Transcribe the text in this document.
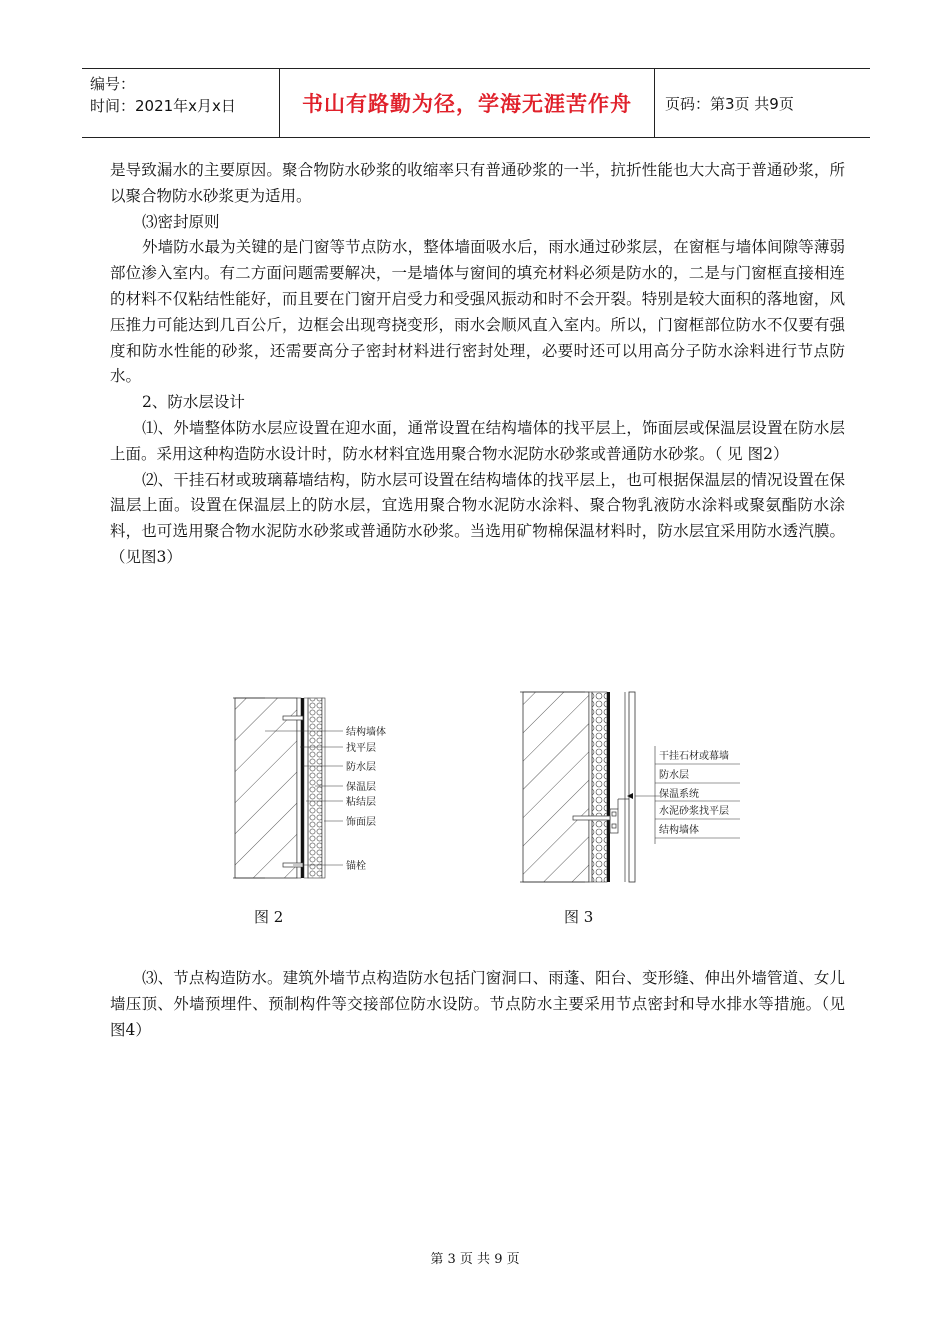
编号：
时间：2021年x月x日	书山有路勤为径，学海无涯苦作舟	页码：第3页 共9页

是导致漏水的主要原因。聚合物防水砂浆的收缩率只有普通砂浆的一半，抗折性能也大大高于普通砂浆，所以聚合物防水砂浆更为适用。

⑶密封原则

外墙防水最为关键的是门窗等节点防水，整体墙面吸水后，雨水通过砂浆层，在窗框与墙体间隙等薄弱部位渗入室内。有二方面问题需要解决，一是墙体与窗间的填充材料必须是防水的，二是与门窗框直接相连的材料不仅粘结性能好，而且要在门窗开启受力和受强风振动和时不会开裂。特别是较大面积的落地窗，风压推力可能达到几百公斤，边框会出现弯挠变形，雨水会顺风直入室内。所以，门窗框部位防水不仅要有强度和防水性能的砂浆，还需要高分子密封材料进行密封处理，必要时还可以用高分子防水涂料进行节点防水。

2、防水层设计

⑴、外墙整体防水层应设置在迎水面，通常设置在结构墙体的找平层上，饰面层或保温层设置在防水层上面。采用这种构造防水设计时，防水材料宜选用聚合物水泥防水砂浆或普通防水砂浆。（ 见 图2）

⑵、干挂石材或玻璃幕墙结构，防水层可设置在结构墙体的找平层上，也可根据保温层的情况设置在保温层上面。设置在保温层上的防水层，宜选用聚合物水泥防水涂料、聚合物乳液防水涂料或聚氨酯防水涂料，也可选用聚合物水泥防水砂浆或普通防水砂浆。当选用矿物棉保温材料时，防水层宜采用防水透汽膜。（见图3）

结构墙体
找平层
防水层
保温层
粘结层
饰面层
锚栓
图 2
干挂石材或幕墙
防水层
保温系统
水泥砂浆找平层
结构墙体
图 3

⑶、节点构造防水。建筑外墙节点构造防水包括门窗洞口、雨蓬、阳台、变形缝、伸出外墙管道、女儿墙压顶、外墙预埋件、预制构件等交接部位防水设防。节点防水主要采用节点密封和导水排水等措施。（见图4）

第 3 页 共 9 页
